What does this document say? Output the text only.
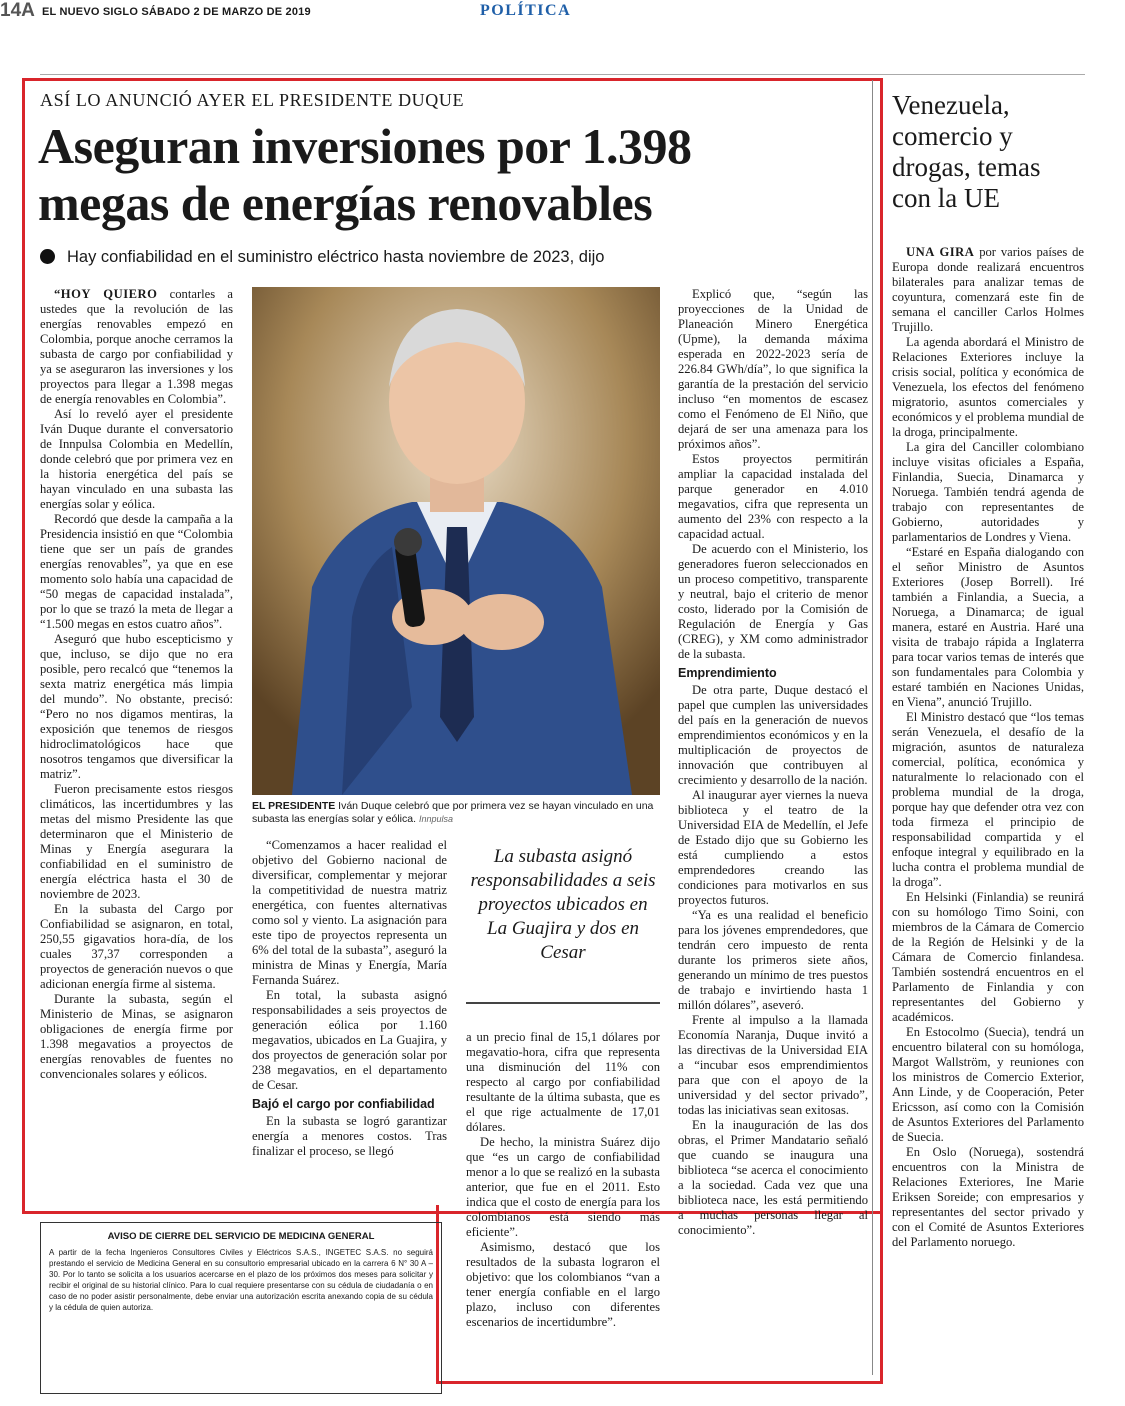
14A EL NUEVO SIGLO SÁBADO 2 DE MARZO DE 2019	POLÍTICA
ASÍ LO ANUNCIÓ AYER EL PRESIDENTE DUQUE
Aseguran inversiones por 1.398
megas de energías renovables
Hay confiabilidad en el suministro eléctrico hasta noviembre de 2023, dijo

“HOY QUIERO contarles a ustedes que la revolución de las energías renovables empezó en Colombia, porque anoche cerramos la subasta de cargo por confiabilidad y ya se aseguraron las inversiones y los proyectos para llegar a 1.398 megas de energía renovables en Colombia”.

Así lo reveló ayer el presidente Iván Duque durante el conversatorio de Innpulsa Colombia en Medellín, donde celebró que por primera vez en la historia energética del país se hayan vinculado en una subasta las energías solar y eólica.

Recordó que desde la campaña a la Presidencia insistió en que “Colombia tiene que ser un país de grandes energías renovables”, ya que en ese momento solo había una capacidad de “50 megas de capacidad instalada”, por lo que se trazó la meta de llegar a “1.500 megas en estos cuatro años”.

Aseguró que hubo escepticismo y que, incluso, se dijo que no era posible, pero recalcó que “tenemos la sexta matriz energética más limpia del mundo”. No obstante, precisó: “Pero no nos digamos mentiras, la exposición que tenemos de riesgos hidroclimatológicos hace que nosotros tengamos que diversificar la matriz”.

Fueron precisamente estos riesgos climáticos, las incertidumbres y las metas del mismo Presidente las que determinaron que el Ministerio de Minas y Energía asegurara la confiabilidad en el suministro de energía eléctrica hasta el 30 de noviembre de 2023.

En la subasta del Cargo por Confiabilidad se asignaron, en total, 250,55 gigavatios hora-día, de los cuales 37,37 corresponden a proyectos de generación nuevos o que adicionan energía firme al sistema.

Durante la subasta, según el Ministerio de Minas, se asignaron obligaciones de energía firme por 1.398 megavatios a proyectos de energías renovables de fuentes no convencionales solares y eólicos.

EL PRESIDENTE Iván Duque celebró que por primera vez se hayan vinculado en una subasta las energías solar y eólica. Innpulsa

“Comenzamos a hacer realidad el objetivo del Gobierno nacional de diversificar, complementar y mejorar la competitividad de nuestra matriz energética, con fuentes alternativas como sol y viento. La asignación para este tipo de proyectos representa un 6% del total de la subasta”, aseguró la ministra de Minas y Energía, María Fernanda Suárez.

En total, la subasta asignó responsabilidades a seis proyectos de generación eólica por 1.160 megavatios, ubicados en La Guajira, y dos proyectos de generación solar por 238 megavatios, en el departamento de Cesar.

Bajó el cargo por confiabilidad

En la subasta se logró garantizar energía a menores costos. Tras finalizar el proceso, se llegó

La subasta asignó responsabilidades a seis proyectos ubicados en La Guajira y dos en Cesar

a un precio final de 15,1 dólares por megavatio-hora, cifra que representa una disminución del 11% con respecto al cargo por confiabilidad resultante de la última subasta, que es el que rige actualmente de 17,01 dólares.

De hecho, la ministra Suárez dijo que “es un cargo de confiabilidad menor a lo que se realizó en la subasta anterior, que fue en el 2011. Esto indica que el costo de energía para los colombianos está siendo más eficiente”.

Asimismo, destacó que los resultados de la subasta lograron el objetivo: que los colombianos “van a tener energía confiable en el largo plazo, incluso con diferentes escenarios de incertidumbre”.

Explicó que, “según las proyecciones de la Unidad de Planeación Minero Energética (Upme), la demanda máxima esperada en 2022-2023 sería de 226.84 GWh/día”, lo que significa la garantía de la prestación del servicio incluso “en momentos de escasez como el Fenómeno de El Niño, que dejará de ser una amenaza para los próximos años”.

Estos proyectos permitirán ampliar la capacidad instalada del parque generador en 4.010 megavatios, cifra que representa un aumento del 23% con respecto a la capacidad actual.

De acuerdo con el Ministerio, los generadores fueron seleccionados en un proceso competitivo, transparente y neutral, bajo el criterio de menor costo, liderado por la Comisión de Regulación de Energía y Gas (CREG), y XM como administrador de la subasta.

Emprendimiento

De otra parte, Duque destacó el papel que cumplen las universidades del país en la generación de nuevos emprendimientos económicos y en la multiplicación de proyectos de innovación que contribuyen al crecimiento y desarrollo de la nación.

Al inaugurar ayer viernes la nueva biblioteca y el teatro de la Universidad EIA de Medellín, el Jefe de Estado dijo que su Gobierno les está cumpliendo a estos emprendedores creando las condiciones para motivarlos en sus proyectos futuros.

“Ya es una realidad el beneficio para los jóvenes emprendedores, que tendrán cero impuesto de renta durante los primeros siete años, generando un mínimo de tres puestos de trabajo e invirtiendo hasta 1 millón dólares”, aseveró.

Frente al impulso a la llamada Economía Naranja, Duque invitó a las directivas de la Universidad EIA a “incubar esos emprendimientos para que con el apoyo de la universidad y del sector privado”, todas las iniciativas sean exitosas.

En la inauguración de las dos obras, el Primer Mandatario señaló que cuando se inaugura una biblioteca “se acerca el conocimiento a la sociedad. Cada vez que una biblioteca nace, les está permitiendo a muchas personas llegar al conocimiento”.

Venezuela, comercio y drogas, temas con la UE

UNA GIRA por varios países de Europa donde realizará encuentros bilaterales para analizar temas de coyuntura, comenzará este fin de semana el canciller Carlos Holmes Trujillo.

La agenda abordará el Ministro de Relaciones Exteriores incluye la crisis social, política y económica de Venezuela, los efectos del fenómeno migratorio, asuntos comerciales y económicos y el problema mundial de la droga, principalmente.

La gira del Canciller colombiano incluye visitas oficiales a España, Finlandia, Suecia, Dinamarca y Noruega. También tendrá agenda de trabajo con representantes de Gobierno, autoridades y parlamentarios de Londres y Viena.

“Estaré en España dialogando con el señor Ministro de Asuntos Exteriores (Josep Borrell). Iré también a Finlandia, a Suecia, a Noruega, a Dinamarca; de igual manera, estaré en Austria. Haré una visita de trabajo rápida a Inglaterra para tocar varios temas de interés que son fundamentales para Colombia y estaré también en Naciones Unidas, en Viena”, anunció Trujillo.

El Ministro destacó que “los temas serán Venezuela, el desafío de la migración, asuntos de naturaleza comercial, política, económica y naturalmente lo relacionado con el problema mundial de la droga, porque hay que defender otra vez con toda firmeza el principio de responsabilidad compartida y el enfoque integral y equilibrado en la lucha contra el problema mundial de la droga”.

En Helsinki (Finlandia) se reunirá con su homólogo Timo Soini, con miembros de la Cámara de Comercio de la Región de Helsinki y de la Cámara de Comercio finlandesa. También sostendrá encuentros en el Parlamento de Finlandia y con representantes del Gobierno y académicos.

En Estocolmo (Suecia), tendrá un encuentro bilateral con su homóloga, Margot Wallström, y reuniones con los ministros de Comercio Exterior, Ann Linde, y de Cooperación, Peter Ericsson, así como con la Comisión de Asuntos Exteriores del Parlamento de Suecia.

En Oslo (Noruega), sostendrá encuentros con la Ministra de Relaciones Exteriores, Ine Marie Eriksen Soreide; con empresarios y representantes del sector privado y con el Comité de Asuntos Exteriores del Parlamento noruego.

AVISO DE CIERRE DEL SERVICIO DE MEDICINA GENERAL
A partir de la fecha Ingenieros Consultores Civiles y Eléctricos S.A.S., INGETEC S.A.S. no seguirá prestando el servicio de Medicina General en su consultorio empresarial ubicado en la carrera 6 N° 30 A – 30. Por lo tanto se solicita a los usuarios acercarse en el plazo de los próximos dos meses para solicitar y recibir el original de su historial clínico. Para lo cual requiere presentarse con su cédula de ciudadanía o en caso de no poder asistir personalmente, debe enviar una autorización escrita anexando copia de su cédula y la cédula de quien autoriza.
